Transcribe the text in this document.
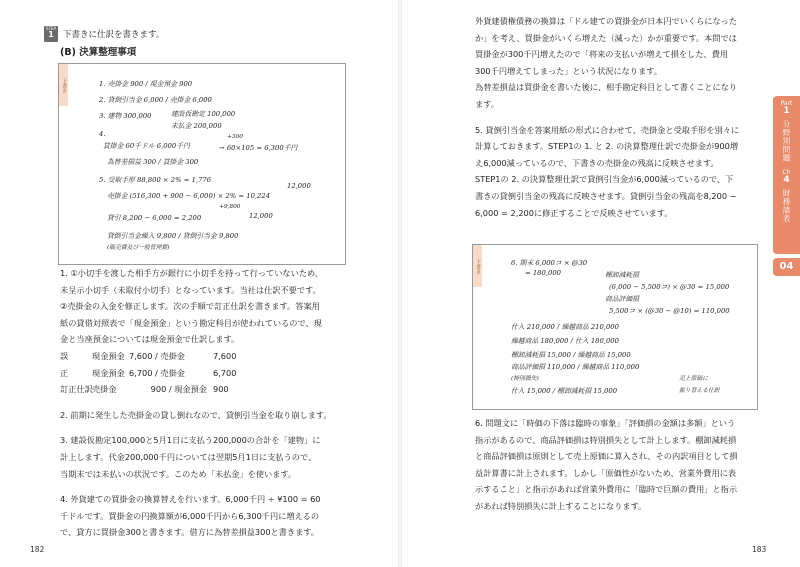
STEP
1	下書きに仕訳を書きます。
(B) 決算整理事項
下書き	1. 売掛金 900 / 現金預金 900
2. 貸倒引当金 6,000 / 売掛金 6,000
3. 建物 300,000	建設仮勘定 100,000
未払金 200,000
4.
買掛金 60千ドル 6,000千円
+300
→ 60×105 = 6,300千円
為替差損益 300 / 買掛金 300
5. 受取手形 88,800 × 2% = 1,776
売掛金 (516,300 + 900 − 6,000) × 2% = 10,224
12,000
貸引 8,200 − 6,000 = 2,200
+9,800
12,000
貸倒引当金繰入 9,800 / 貸倒引当金 9,800
(販売費及び一般管理費)

1. ①小切手を渡した相手方が銀行に小切手を持って行っていないため、

未呈示小切手（未取付小切手）となっています。当社は仕訳不要です。

②売掛金の入金を修正します。次の手順で訂正仕訳を書きます。答案用

紙の貸借対照表で「現金預金」という勘定科目が使われているので、現

金と当座預金については現金預金で仕訳します。

誤	現金預金 7,600 / 売掛金	7,600

正	現金預金 6,700 / 売掛金	6,700

訂正仕訳売掛金	900 / 現金預金 900

2. 前期に発生した売掛金の貸し倒れなので、貸倒引当金を取り崩します。

3. 建設仮勘定100,000と5月1日に支払う200,000の合計を「建物」に

計上します。代金200,000千円については翌期5月1日に支払うので、

当期末では未払いの状況です。このため「未払金」を使います。

4. 外貨建ての買掛金の換算替えを行います。6,000千円 ÷ ¥100 = 60

千ドルです。買掛金の円換算額が6,000千円から6,300千円に増えるの

で、貸方に買掛金300と書きます。借方に為替差損益300と書きます。

182

外貨建債権債務の換算は「ドル建ての買掛金が日本円でいくらになった

か」を考え、買掛金がいくら増えた（減った）かが重要です。本問では

買掛金が300千円増えたので「将来の支払いが増えて損をした、費用

300千円増えてしまった」という状況になります。

為替差損益は買掛金を書いた後に、相手勘定科目として書くことになり

ます。

5. 貸倒引当金を答案用紙の形式に合わせて、売掛金と受取手形を別々に

計算しておきます。STEP1の 1. と 2. の決算整理仕訳で売掛金が900増

え6,000減っているので、下書きの売掛金の残高に反映させます。

STEP1の 2. の決算整理仕訳で貸倒引当金が6,000減っているので、下

書きの貸倒引当金の残高に反映させます。貸倒引当金の残高を8,200 −

6,000 = 2,200に修正することで反映させています。

下書き	6. 期末 6,000コ × @30
= 180,000	棚卸減耗損
(6,000 − 5,500コ) × @30 = 15,000
商品評価損
5,500コ × (@30 − @10) = 110,000
仕入 210,000 / 繰越商品 210,000
繰越商品 180,000 / 仕入 180,000
棚卸減耗損 15,000 / 繰越商品 15,000
商品評価損 110,000 / 繰越商品 110,000
(特別損失)
仕入 15,000 / 棚卸減耗損 15,000
売上原価に
振り替える仕訳

6. 問題文に「時価の下落は臨時の事象」「評価損の金額は多額」という

指示があるので、商品評価損は特別損失として計上します。棚卸減耗損

と商品評価損は原則として売上原価に算入され、その内訳項目として損

益計算書に計上されます。しかし「原価性がないため、営業外費用に表

示すること」と指示があれば営業外費用に「臨時で巨額の費用」と指示

があれば特別損失に計上することになります。

183
Part
1
分野別問題
Ch
4
財務諸表
04
